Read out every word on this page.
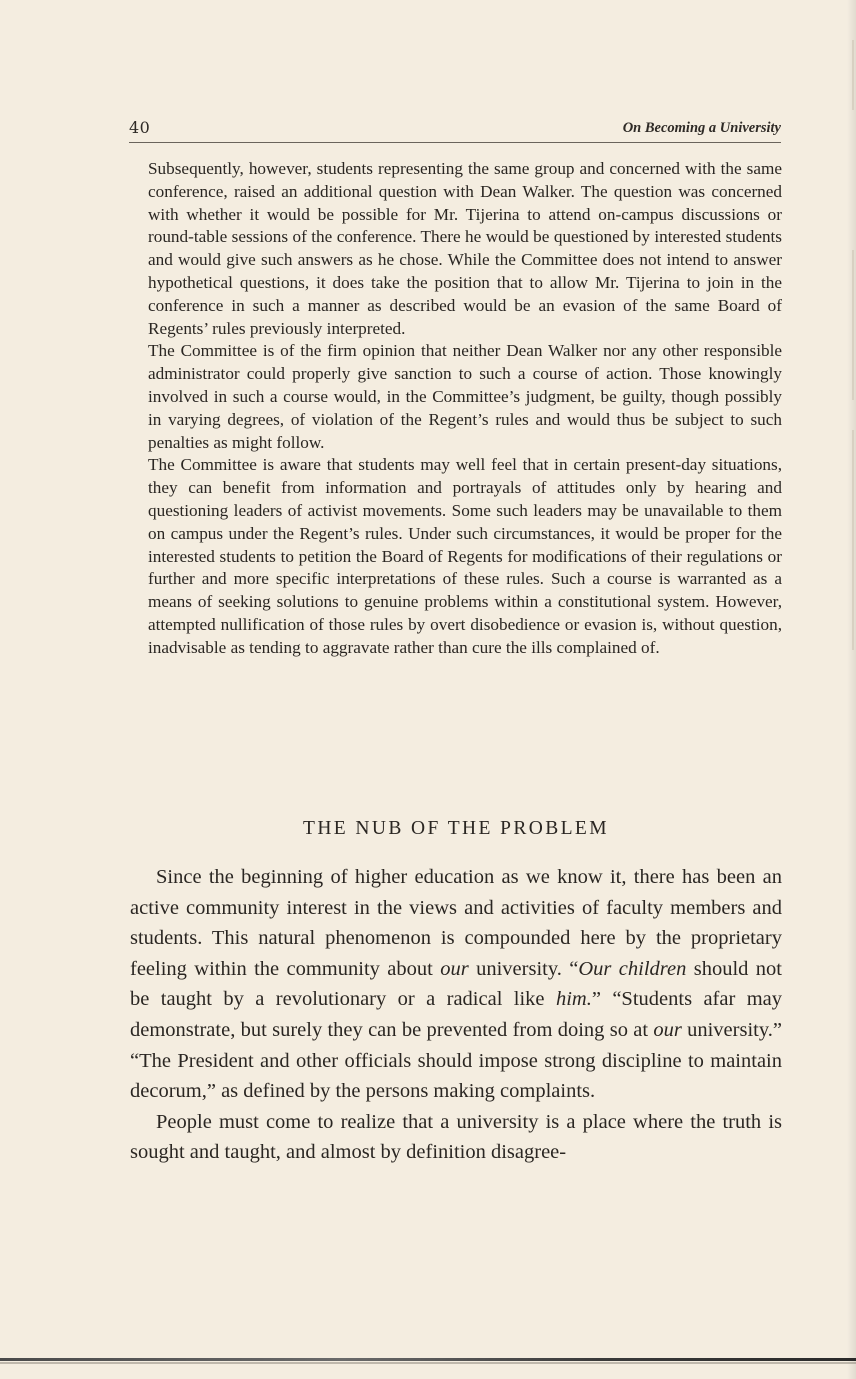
40	On Becoming a University

Subsequently, however, students representing the same group and concerned with the same conference, raised an additional question with Dean Walker. The question was concerned with whether it would be possible for Mr. Tijerina to attend on-campus discussions or round-table sessions of the conference. There he would be questioned by interested students and would give such answers as he chose. While the Committee does not intend to answer hypothetical questions, it does take the position that to allow Mr. Tijerina to join in the conference in such a manner as described would be an evasion of the same Board of Regents’ rules previously interpreted.

The Committee is of the firm opinion that neither Dean Walker nor any other responsible administrator could properly give sanction to such a course of action. Those knowingly involved in such a course would, in the Committee’s judgment, be guilty, though possibly in varying degrees, of violation of the Regent’s rules and would thus be subject to such penalties as might follow.

The Committee is aware that students may well feel that in certain present-day situations, they can benefit from information and portrayals of attitudes only by hearing and questioning leaders of activist movements. Some such leaders may be unavailable to them on campus under the Regent’s rules. Under such circumstances, it would be proper for the interested students to petition the Board of Regents for modifications of their regulations or further and more specific interpretations of these rules. Such a course is warranted as a means of seeking solutions to genuine problems within a constitutional system. However, attempted nullification of those rules by overt disobedience or evasion is, without question, inadvisable as tending to aggravate rather than cure the ills complained of.

THE NUB OF THE PROBLEM

Since the beginning of higher education as we know it, there has been an active community interest in the views and activities of faculty members and students. This natural phenomenon is compounded here by the proprietary feeling within the community about our university. “Our children should not be taught by a revolutionary or a radical like him.” “Students afar may demonstrate, but surely they can be prevented from doing so at our university.” “The President and other officials should impose strong discipline to maintain decorum,” as defined by the persons making complaints.

People must come to realize that a university is a place where the truth is sought and taught, and almost by definition disagree-
